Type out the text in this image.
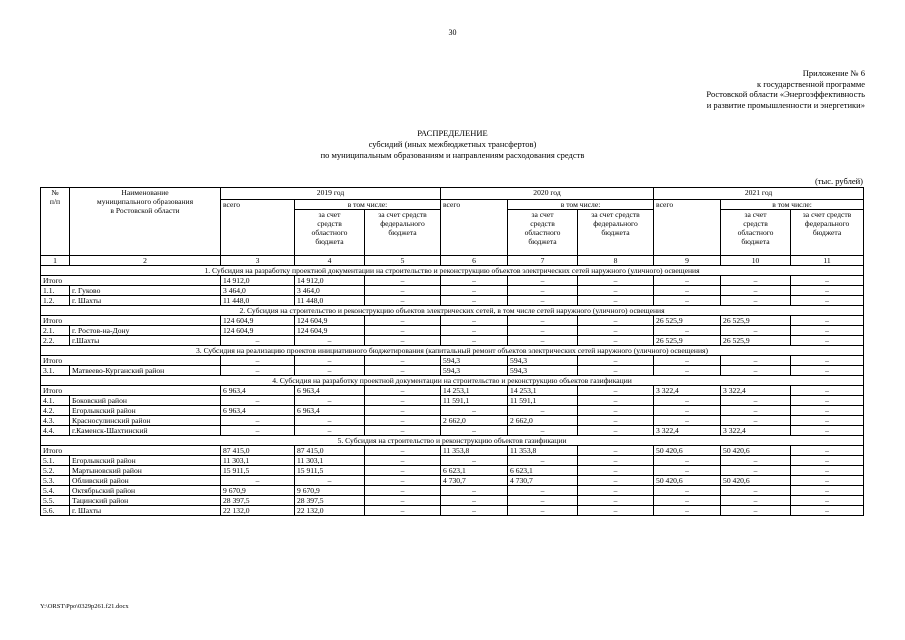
30
Приложение № 6
к государственной программе
Ростовской области «Энергоэффективность
и развитие промышленности и энергетики»
РАСПРЕДЕЛЕНИЕ
субсидий (иных межбюджетных трансфертов)
по муниципальным образованиям и направлениям расходования средств
(тыс. рублей)
№
п/п	Наименование
муниципального образования
в Ростовской области	2019 год			2020 год			2021 год		
		всего	в том числе:		всего	в том числе:		всего	в том числе:	
			за счет
средств
областного
бюджета	за счет средств
федерального
бюджета		за счет
средств
областного
бюджета	за счет средств
федерального
бюджета		за счет
средств
областного
бюджета	за счет средств
федерального
бюджета
1	2	3	4	5	6	7	8	9	10	11
1. Субсидия на разработку проектной документации на строительство и реконструкцию объектов электрических сетей наружного (уличного) освещения										
Итого		14 912,0	14 912,0	–	–	–	–	–	–	–
1.1.	г. Гуково	3 464,0	3 464,0	–	–	–	–	–	–	–
1.2.	г. Шахты	11 448,0	11 448,0	–	–	–	–	–	–	–
2. Субсидия на строительство и реконструкцию объектов электрических сетей, в том числе сетей наружного (уличного) освещения										
Итого		124 604,9	124 604,9	–	–	–	–	26 525,9	26 525,9	–
2.1.	г. Ростов-на-Дону	124 604,9	124 604,9	–	–	–	–	–	–	–
2.2.	г.Шахты	–	–	–	–	–	–	26 525,9	26 525,9	–
3. Субсидия на реализацию проектов инициативного бюджетирования (капитальный ремонт объектов электрических сетей наружного (уличного) освещения)										
Итого		–	–	–	594,3	594,3	–	–	–	–
3.1.	Матвеево-Курганский район	–	–	–	594,3	594,3	–	–	–	–
4. Субсидия на разработку проектной документации на строительство и реконструкцию объектов газификации										
Итого		6 963,4	6 963,4	–	14 253,1	14 253,1	–	3 322,4	3 322,4	–
4.1.	Боковский район	–	–	–	11 591,1	11 591,1	–	–	–	–
4.2.	Егорлыкский район	6 963,4	6 963,4	–	–	–	–	–	–	–
4.3.	Красносулинский район	–	–	–	2 662,0	2 662,0	–	–	–	–
4.4.	г.Каменск-Шахтинский	–	–	–	–	–	–	3 322,4	3 322,4	–
5. Субсидия на строительство и реконструкцию объектов газификации										
Итого		87 415,0	87 415,0	–	11 353,8	11 353,8	–	50 420,6	50 420,6	–
5.1.	Егорлыкский район	11 303,1	11 303,1	–	–	–	–	–	–	–
5.2.	Мартыновский район	15 911,5	15 911,5	–	6 623,1	6 623,1	–	–	–	–
5.3.	Обливский район	–	–	–	4 730,7	4 730,7	–	50 420,6	50 420,6	–
5.4.	Октябрьский район	9 670,9	9 670,9	–	–	–	–	–	–	–
5.5.	Тацинский район	28 397,5	28 397,5	–	–	–	–	–	–	–
5.6.	г. Шахты	22 132,0	22 132,0	–	–	–	–	–	–	–
Y:\ORST\Ppo\0329p261.f21.docx
